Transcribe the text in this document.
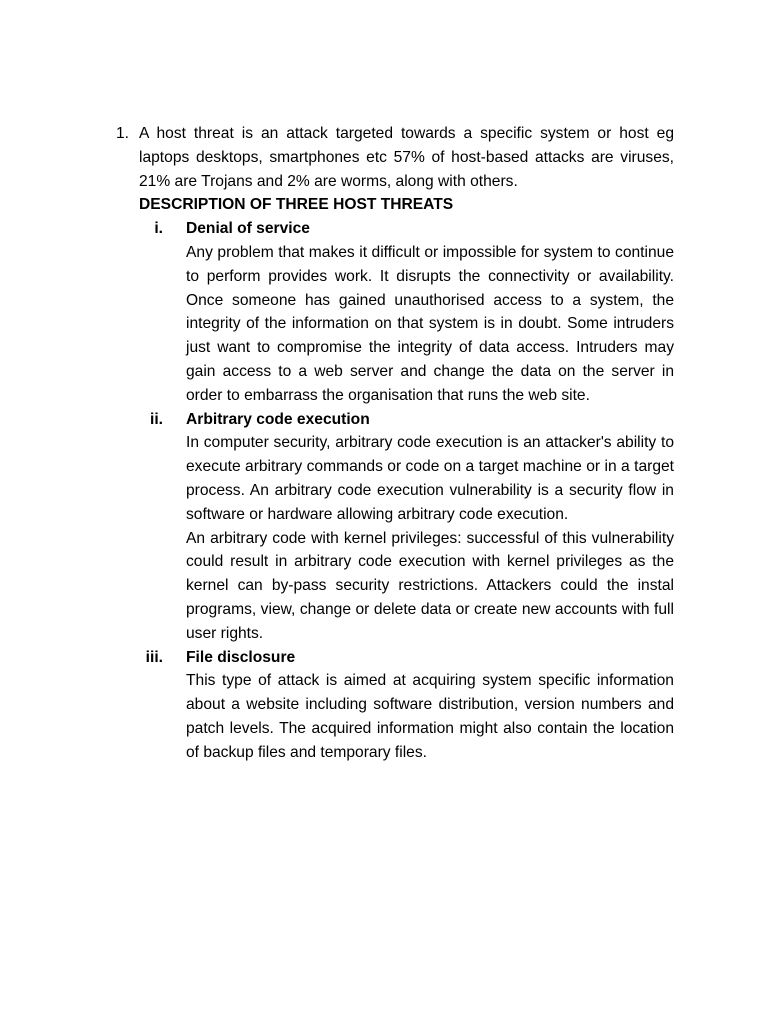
1. A host threat is an attack targeted towards a specific system or host eg laptops desktops, smartphones etc 57% of host-based attacks are viruses, 21% are Trojans and 2% are worms, along with others.
DESCRIPTION OF THREE HOST THREATS
i. Denial of service

Any problem that makes it difficult or impossible for system to continue to perform provides work. It disrupts the connectivity or availability. Once someone has gained unauthorised access to a system, the integrity of the information on that system is in doubt. Some intruders just want to compromise the integrity of data access. Intruders may gain access to a web server and change the data on the server in order to embarrass the organisation that runs the web site.

ii. Arbitrary code execution

In computer security, arbitrary code execution is an attacker's ability to execute arbitrary commands or code on a target machine or in a target process. An arbitrary code execution vulnerability is a security flow in software or hardware allowing arbitrary code execution.

An arbitrary code with kernel privileges: successful of this vulnerability could result in arbitrary code execution with kernel privileges as the kernel can by-pass security restrictions. Attackers could the instal programs, view, change or delete data or create new accounts with full user rights.

iii. File disclosure

This type of attack is aimed at acquiring system specific information about a website including software distribution, version numbers and patch levels. The acquired information might also contain the location of backup files and temporary files.
